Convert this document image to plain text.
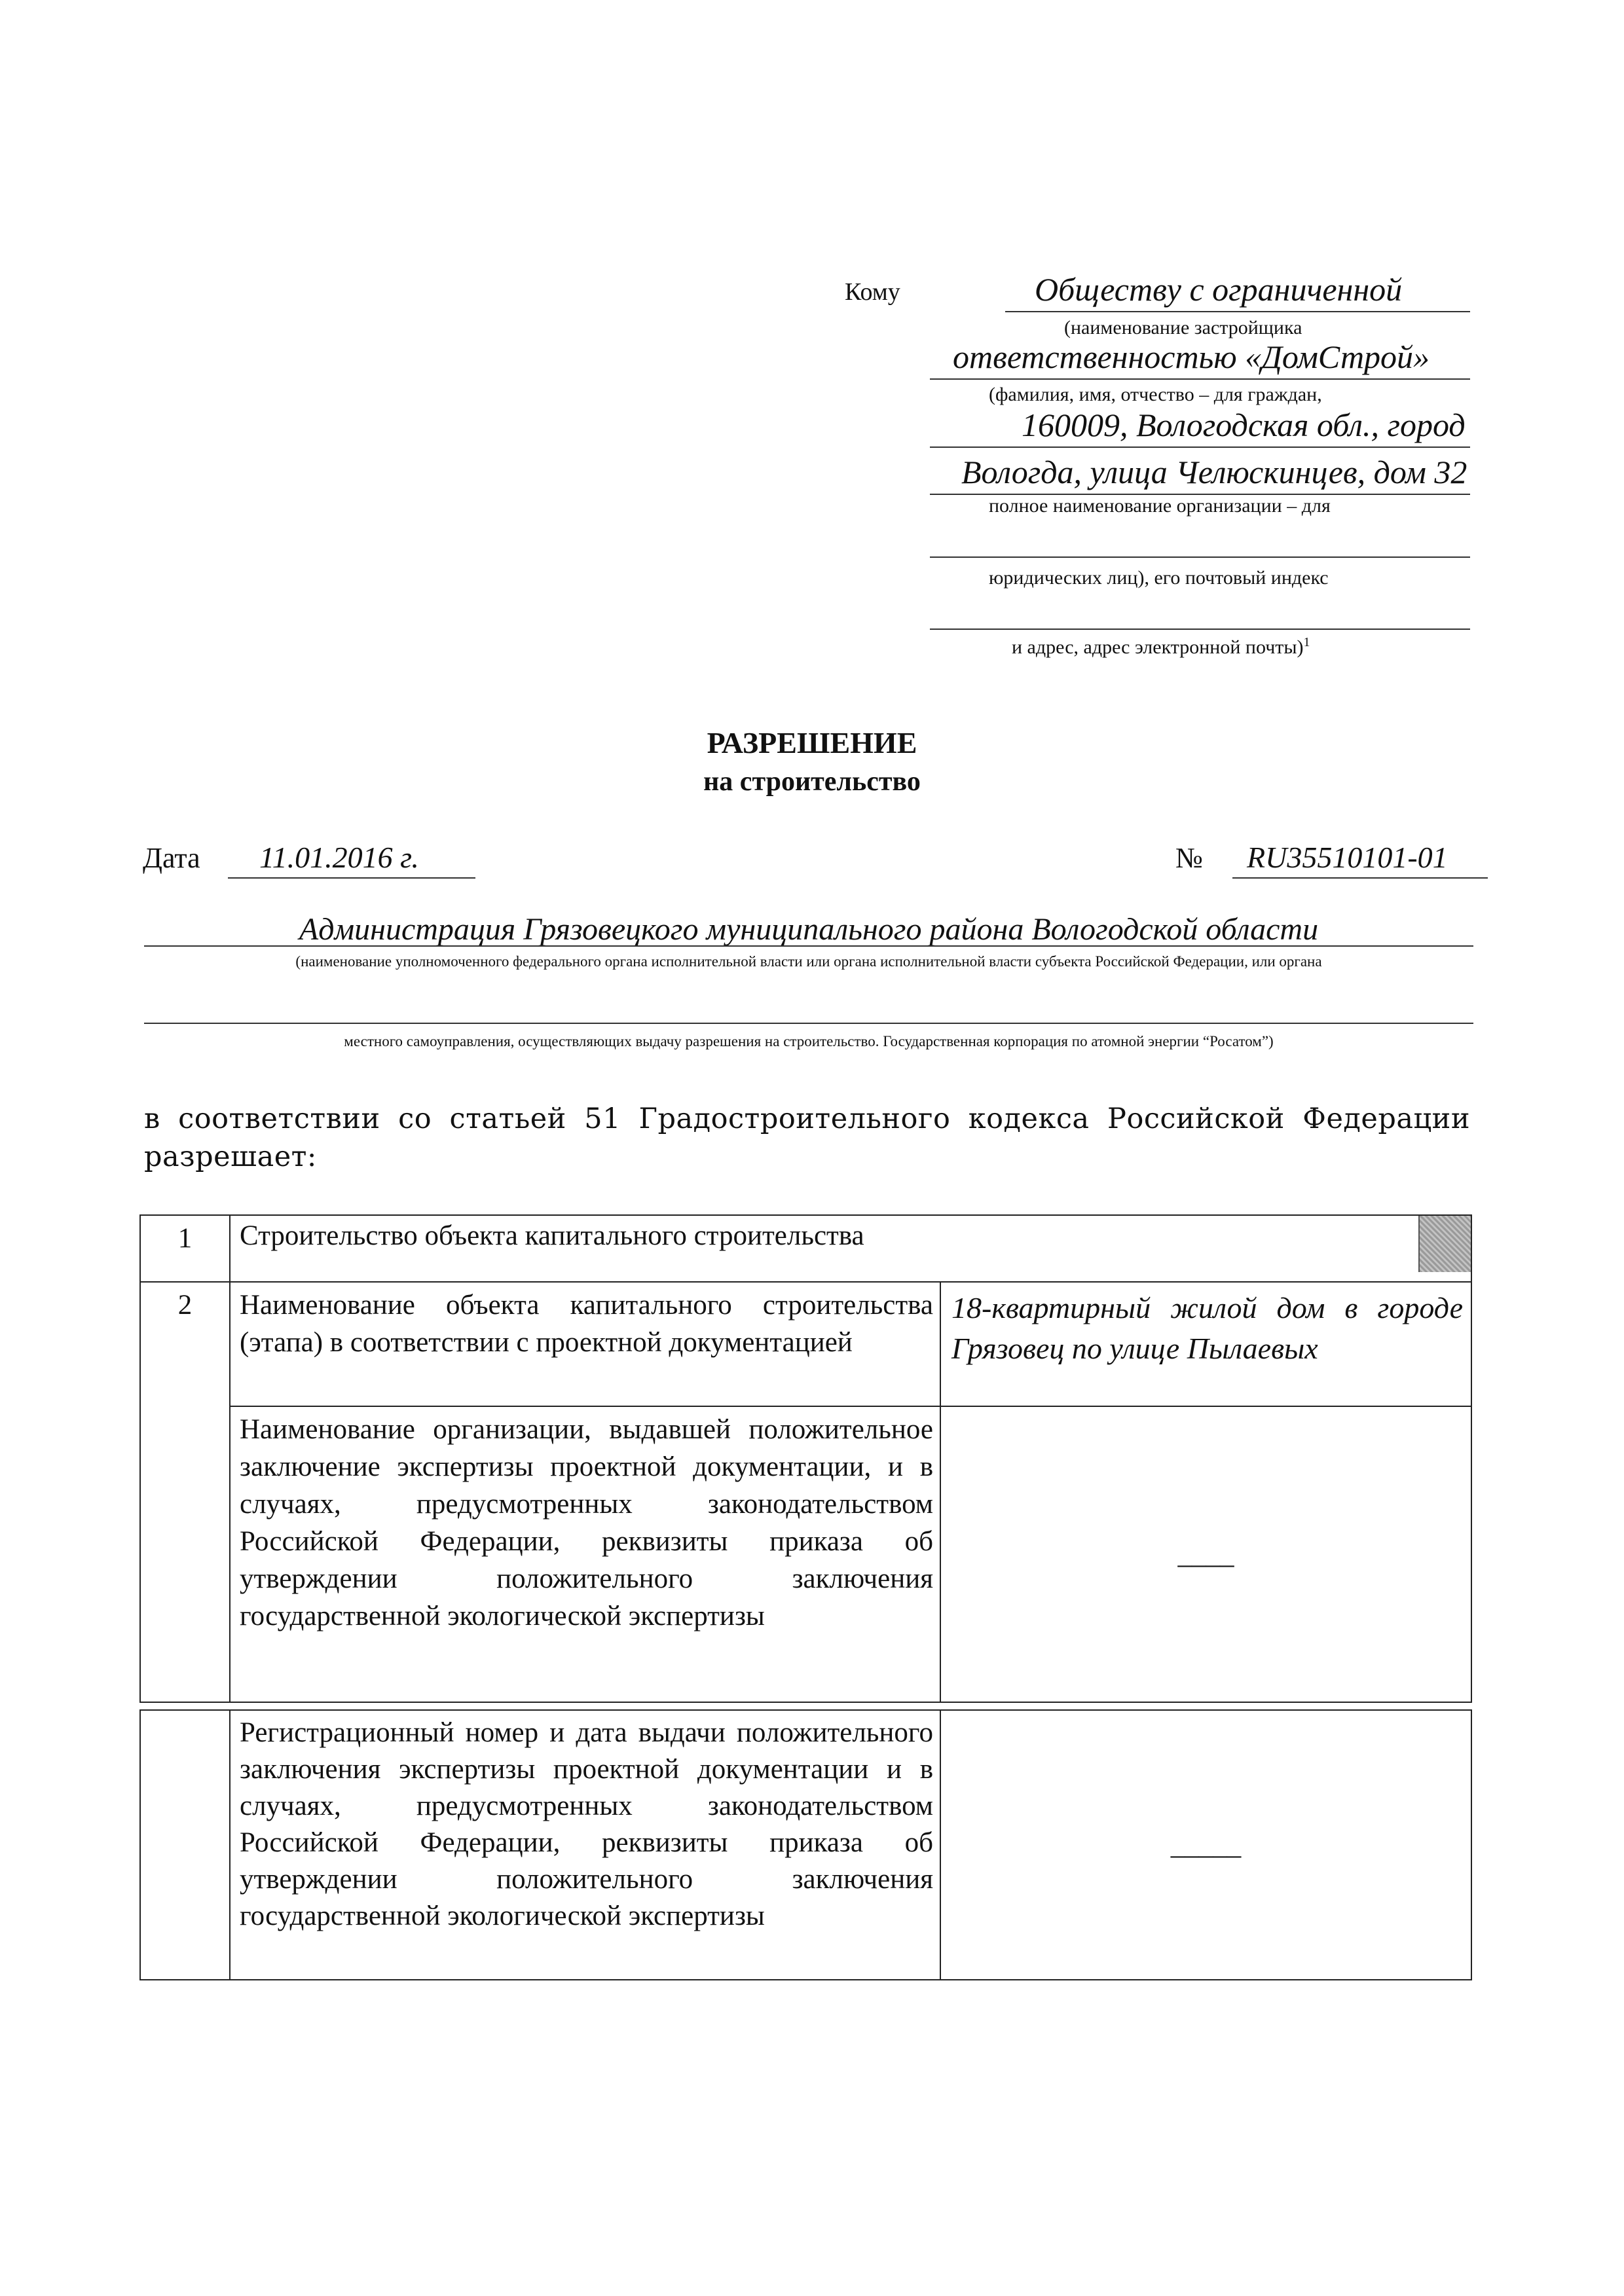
Кому	Обществу с ограниченной
(наименование застройщика
ответственностью «ДомСтрой»
(фамилия, имя, отчество – для граждан,
160009, Вологодская обл., город
Вологда, улица Челюскинцев, дом 32
полное наименование организации – для
юридических лиц), его почтовый индекс
и адрес, адрес электронной почты)$^1$
РАЗРЕШЕНИЕ
на строительство
Дата 11.01.2016 г.	№ RU35510101-01
Администрация Грязовецкого муниципального района Вологодской области
(наименование уполномоченного федерального органа исполнительной власти или органа исполнительной власти субъекта Российской Федерации, или органа
местного самоуправления, осуществляющих выдачу разрешения на строительство. Государственная корпорация по атомной энергии “Росатом”)
в соответствии со статьей 51 Градостроительного кодекса Российской Федерации разрешает:
1	Строительство объекта капитального строительства	

2	Наименование объекта капитального строительства (этапа) в соответствии с проектной документацией	18-квартирный жилой дом в городе Грязовец по улице Пылаевых
	Наименование организации, выдавшей положительное заключение экспертизы проектной документации, и в случаях, предусмотренных законодательством Российской Федерации, реквизиты приказа об утверждении положительного заключения государственной экологической экспертизы	____
	Регистрационный номер и дата выдачи положительного заключения экспертизы проектной документации и в случаях, предусмотренных законодательством Российской Федерации, реквизиты приказа об утверждении положительного заключения государственной экологической экспертизы	_____
